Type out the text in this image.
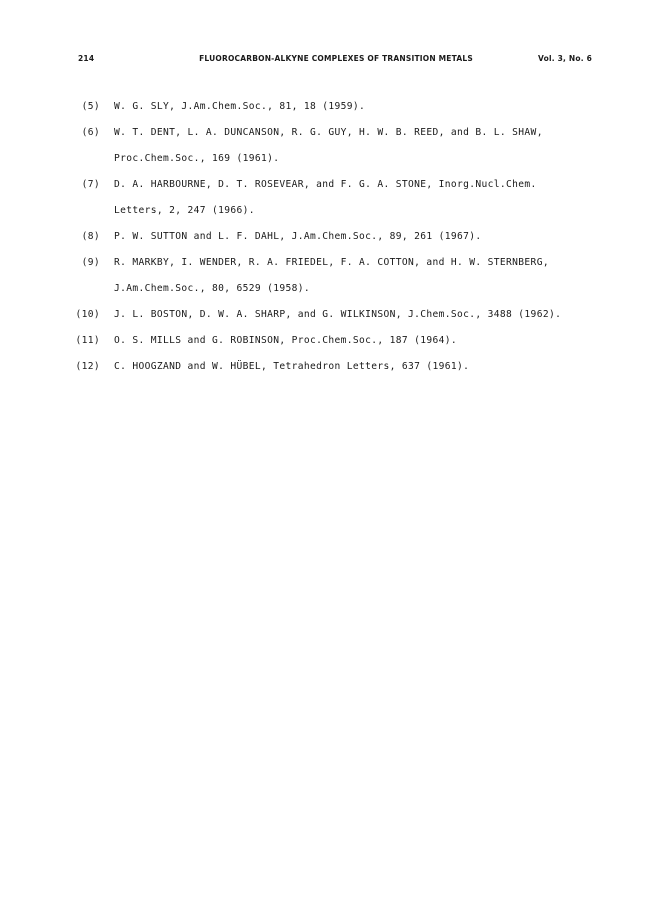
214	FLUOROCARBON-ALKYNE COMPLEXES OF TRANSITION METALS	Vol. 3, No. 6
(5) W. G. SLY, J.Am.Chem.Soc., 81, 18 (1959).
(6) W. T. DENT, L. A. DUNCANSON, R. G. GUY, H. W. B. REED, and B. L. SHAW,
Proc.Chem.Soc., 169 (1961).
(7) D. A. HARBOURNE, D. T. ROSEVEAR, and F. G. A. STONE, Inorg.Nucl.Chem.
Letters, 2, 247 (1966).
(8) P. W. SUTTON and L. F. DAHL, J.Am.Chem.Soc., 89, 261 (1967).
(9) R. MARKBY, I. WENDER, R. A. FRIEDEL, F. A. COTTON, and H. W. STERNBERG,
J.Am.Chem.Soc., 80, 6529 (1958).
(10) J. L. BOSTON, D. W. A. SHARP, and G. WILKINSON, J.Chem.Soc., 3488 (1962).
(11) O. S. MILLS and G. ROBINSON, Proc.Chem.Soc., 187 (1964).
(12) C. HOOGZAND and W. HÜBEL, Tetrahedron Letters, 637 (1961).
